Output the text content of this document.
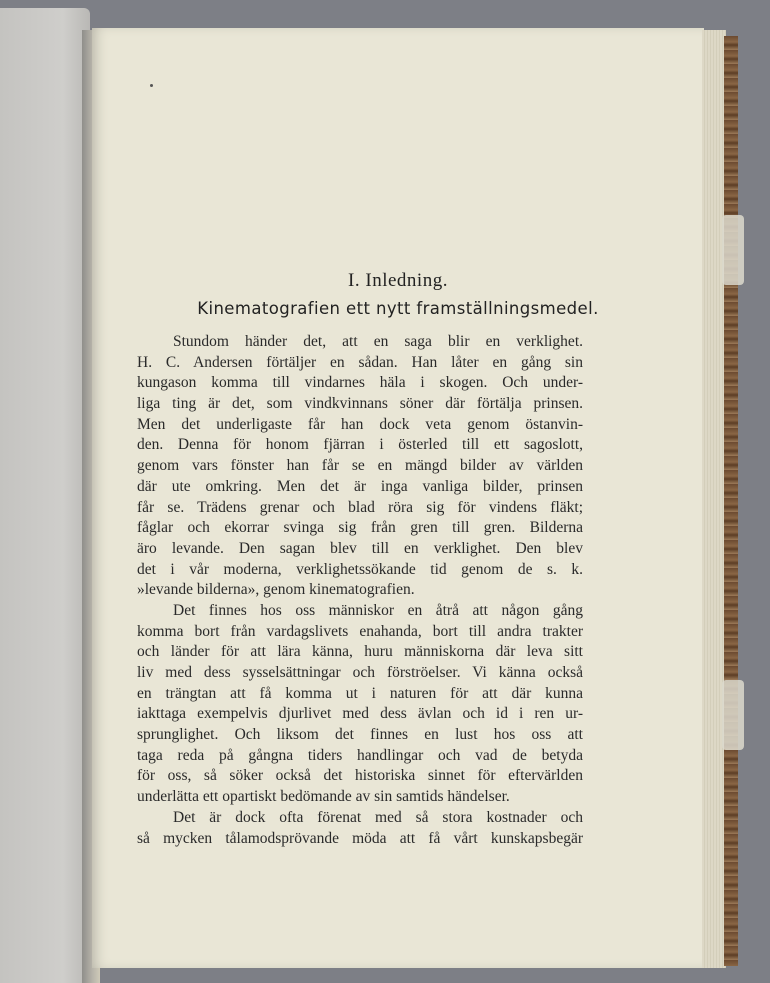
I. Inledning.
Kinematografien ett nytt framställningsmedel.
Stundom händer det, att en saga blir en verklighet.
H. C. Andersen förtäljer en sådan. Han låter en gång sin
kungason komma till vindarnes häla i skogen. Och under-
liga ting är det, som vindkvinnans söner där förtälja prinsen.
Men det underligaste får han dock veta genom östanvin-
den. Denna för honom fjärran i österled till ett sagoslott,
genom vars fönster han får se en mängd bilder av världen
där ute omkring. Men det är inga vanliga bilder, prinsen
får se. Trädens grenar och blad röra sig för vindens fläkt;
fåglar och ekorrar svinga sig från gren till gren. Bilderna
äro levande. Den sagan blev till en verklighet. Den blev
det i vår moderna, verklighetssökande tid genom de s. k.
»levande bilderna», genom kinematografien.
Det finnes hos oss människor en åtrå att någon gång
komma bort från vardagslivets enahanda, bort till andra trakter
och länder för att lära känna, huru människorna där leva sitt
liv med dess sysselsättningar och förströelser. Vi känna också
en trängtan att få komma ut i naturen för att där kunna
iakttaga exempelvis djurlivet med dess ävlan och id i ren ur-
sprunglighet. Och liksom det finnes en lust hos oss att
taga reda på gångna tiders handlingar och vad de betyda
för oss, så söker också det historiska sinnet för eftervärlden
underlätta ett opartiskt bedömande av sin samtids händelser.
Det är dock ofta förenat med så stora kostnader och
så mycken tålamodsprövande möda att få vårt kunskapsbegär
